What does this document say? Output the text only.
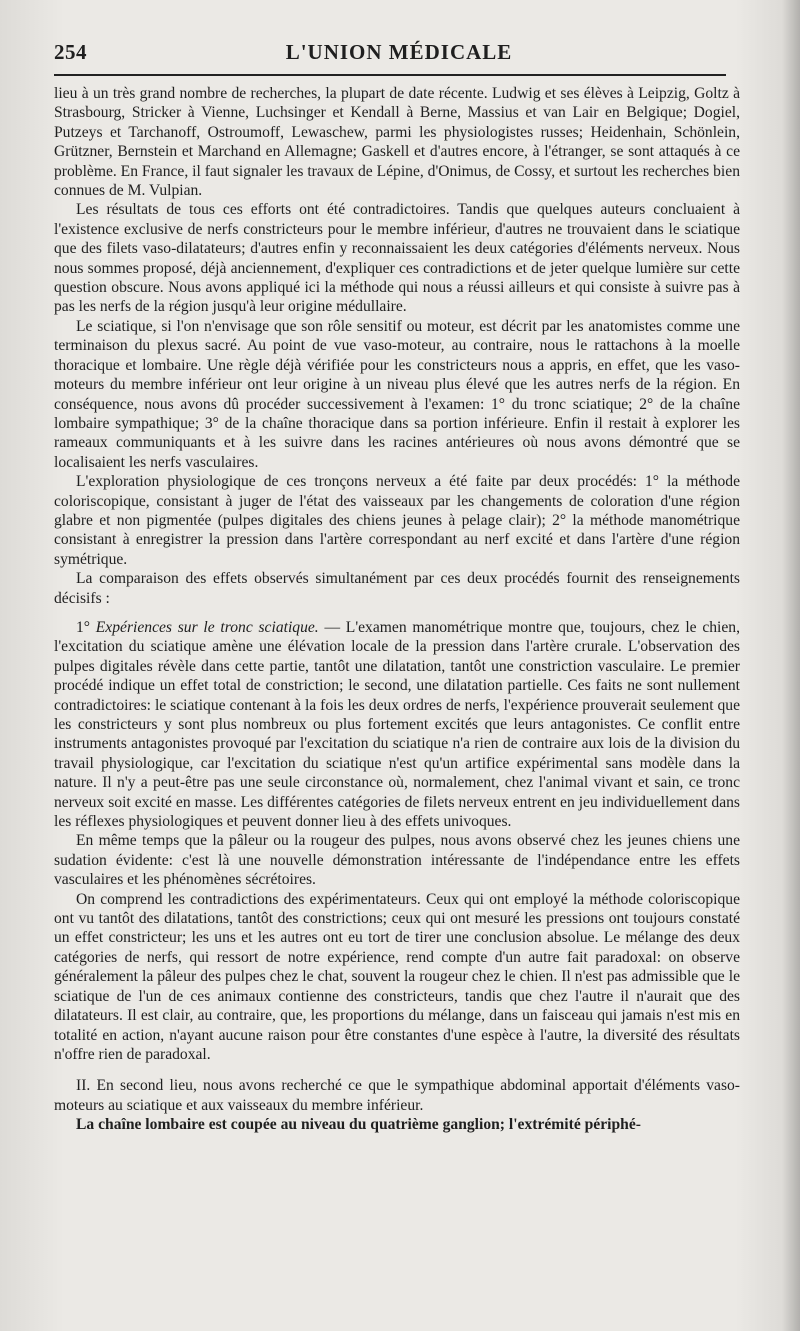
254	L'UNION MÉDICALE

lieu à un très grand nombre de recherches, la plupart de date récente. Ludwig et ses élèves à Leipzig, Goltz à Strasbourg, Stricker à Vienne, Luchsinger et Kendall à Berne, Massius et van Lair en Belgique; Dogiel, Putzeys et Tarchanoff, Ostroumoff, Lewaschew, parmi les physiologistes russes; Heidenhain, Schönlein, Grützner, Bernstein et Marchand en Allemagne; Gaskell et d'autres encore, à l'étranger, se sont attaqués à ce problème. En France, il faut signaler les travaux de Lépine, d'Onimus, de Cossy, et surtout les recherches bien connues de M. Vulpian.

Les résultats de tous ces efforts ont été contradictoires. Tandis que quelques auteurs concluaient à l'existence exclusive de nerfs constricteurs pour le membre inférieur, d'autres ne trouvaient dans le sciatique que des filets vaso-dilatateurs; d'autres enfin y reconnaissaient les deux catégories d'éléments nerveux. Nous nous sommes proposé, déjà anciennement, d'expliquer ces contradictions et de jeter quelque lumière sur cette question obscure. Nous avons appliqué ici la méthode qui nous a réussi ailleurs et qui consiste à suivre pas à pas les nerfs de la région jusqu'à leur origine médullaire.

Le sciatique, si l'on n'envisage que son rôle sensitif ou moteur, est décrit par les anatomistes comme une terminaison du plexus sacré. Au point de vue vaso-moteur, au contraire, nous le rattachons à la moelle thoracique et lombaire. Une règle déjà vérifiée pour les constricteurs nous a appris, en effet, que les vaso-moteurs du membre inférieur ont leur origine à un niveau plus élevé que les autres nerfs de la région. En conséquence, nous avons dû procéder successivement à l'examen: 1° du tronc sciatique; 2° de la chaîne lombaire sympathique; 3° de la chaîne thoracique dans sa portion inférieure. Enfin il restait à explorer les rameaux communiquants et à les suivre dans les racines antérieures où nous avons démontré que se localisaient les nerfs vasculaires.

L'exploration physiologique de ces tronçons nerveux a été faite par deux procédés: 1° la méthode coloriscopique, consistant à juger de l'état des vaisseaux par les changements de coloration d'une région glabre et non pigmentée (pulpes digitales des chiens jeunes à pelage clair); 2° la méthode manométrique consistant à enregistrer la pression dans l'artère correspondant au nerf excité et dans l'artère d'une région symétrique.

La comparaison des effets observés simultanément par ces deux procédés fournit des renseignements décisifs :

1° Expériences sur le tronc sciatique. — L'examen manométrique montre que, toujours, chez le chien, l'excitation du sciatique amène une élévation locale de la pression dans l'artère crurale. L'observation des pulpes digitales révèle dans cette partie, tantôt une dilatation, tantôt une constriction vasculaire. Le premier procédé indique un effet total de constriction; le second, une dilatation partielle. Ces faits ne sont nullement contradictoires: le sciatique contenant à la fois les deux ordres de nerfs, l'expérience prouverait seulement que les constricteurs y sont plus nombreux ou plus fortement excités que leurs antagonistes. Ce conflit entre instruments antagonistes provoqué par l'excitation du sciatique n'a rien de contraire aux lois de la division du travail physiologique, car l'excitation du sciatique n'est qu'un artifice expérimental sans modèle dans la nature. Il n'y a peut-être pas une seule circonstance où, normalement, chez l'animal vivant et sain, ce tronc nerveux soit excité en masse. Les différentes catégories de filets nerveux entrent en jeu individuellement dans les réflexes physiologiques et peuvent donner lieu à des effets univoques.

En même temps que la pâleur ou la rougeur des pulpes, nous avons observé chez les jeunes chiens une sudation évidente: c'est là une nouvelle démonstration intéressante de l'indépendance entre les effets vasculaires et les phénomènes sécrétoires.

On comprend les contradictions des expérimentateurs. Ceux qui ont employé la méthode coloriscopique ont vu tantôt des dilatations, tantôt des constrictions; ceux qui ont mesuré les pressions ont toujours constaté un effet constricteur; les uns et les autres ont eu tort de tirer une conclusion absolue. Le mélange des deux catégories de nerfs, qui ressort de notre expérience, rend compte d'un autre fait paradoxal: on observe généralement la pâleur des pulpes chez le chat, souvent la rougeur chez le chien. Il n'est pas admissible que le sciatique de l'un de ces animaux contienne des constricteurs, tandis que chez l'autre il n'aurait que des dilatateurs. Il est clair, au contraire, que, les proportions du mélange, dans un faisceau qui jamais n'est mis en totalité en action, n'ayant aucune raison pour être constantes d'une espèce à l'autre, la diversité des résultats n'offre rien de paradoxal.

II. En second lieu, nous avons recherché ce que le sympathique abdominal apportait d'éléments vaso-moteurs au sciatique et aux vaisseaux du membre inférieur.

La chaîne lombaire est coupée au niveau du quatrième ganglion; l'extrémité périphé-
